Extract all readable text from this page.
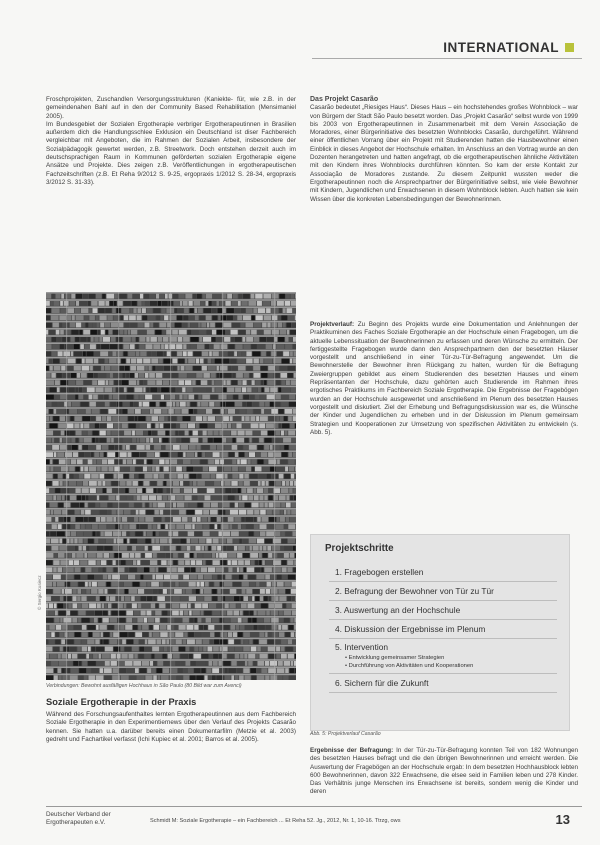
INTERNATIONAL

Froschprojekten, Zuschandlen Versorgungsstrukturen (Kaniekte- für, wie z.B. in der gemeindenahen Bahl auf in den der Community Based Rehabilitation (Mensimaniel 2005).

Im Bundesgebiet der Sozialen Ergotherapie verbriger Ergotherapeutinnen in Brasilien außerdem dich die Handlungsschlee Exklusion ein Deutschland ist diser Fachbereich vergleichbar mit Angeboten, die im Rahmen der Sozialen Arbeit, insbesondere der Sozialpädagogik gewertet werden, z.B. Streetwork. Doch entstehen derzeit auch im deutschsprachigen Raum in Kommunen geförderten sozialen Ergotherapie eigene Ansätze und Projekte. Dies zeigen z.B. Veröffentlichungen in ergotherapeutischen Fachzeitschriften (z.B. Et Reha 9/2012 S. 9-25, ergopraxis 1/2012 S. 28-34, ergopraxis 3/2012 S. 31-33).

© Sergio Kusiecz
Verbindungen: Bewohnt ausfälligen Hochhaus in São Paulo (80 Bild war zum Avenci)
Soziale Ergotherapie in der Praxis

Während des Forschungsaufenthaltes lernten Ergotherapeutinnen aus dem Fachbereich Soziale Ergotherapie in den Experimentiernews über den Verlauf des Projekts Casarão kennen. Sie hatten u.a. darüber bereits einen Dokumentarfilm (Metzie et al. 2003) gedreht und Fachartikel verfasst (Ichi Kupiec et al. 2001; Barros et al. 2005).

Das Projekt Casarão

Casarão bedeutet „Riesiges Haus“. Dieses Haus – ein hochstehendes großes Wohnblock – war von Bürgern der Stadt São Paulo besetzt worden. Das „Projekt Casarão“ selbst wurde von 1999 bis 2003 von Ergotherapeutinnen in Zusammenarbeit mit dem Verein Associação de Moradores, einer Bürgerinitiative des besetzten Wohnblocks Casarão, durchgeführt. Während einer öffentlichen Vorrang über ein Projekt mit Studierenden hatten die Hausbewohner einen Einblick in dieses Angebot der Hochschule erhalten. Im Anschluss an den Vortrag wurde an den Dozenten herangetreten und hatten angefragt, ob die ergotherapeutischen ähnliche Aktivitäten mit den Kindern ihres Wohnblocks durchführen könnten. So kam der erste Kontakt zur Associação de Moradores zustande. Zu diesem Zeitpunkt wussten weder die Ergotherapeutinnen noch die Ansprechpartner der Bürgerinitiative selbst, wie viele Bewohner mit Kindern, Jugendlichen und Erwachsenen in diesem Wohnblock lebten. Auch hatten sie kein Wissen über die konkreten Lebensbedingungen der Bewohnerinnen.

Projektverlauf: Zu Beginn des Projekts wurde eine Dokumentation und Anlehnungen der Praktikuminen des Faches Soziale Ergotherapie an der Hochschule einen Fragebogen, um die aktuelle Lebenssituation der Bewohnerinnen zu erfassen und deren Wünsche zu ermitteln. Der fertiggestellte Fragebogen wurde dann den Ansprechpartnern den der besetzten Häuser vorgestellt und anschließend in einer Tür-zu-Tür-Befragung angewendet. Um die Bewohnerstelle der Bewohner ihren Rückgang zu halten, wurden für die Befragung Zweiergruppen gebildet aus einem Studierenden des besetzten Hauses und einem Repräsentanten der Hochschule, dazu gehörten auch Studierende im Rahmen ihres ergotisches Praktikums im Fachbereich Soziale Ergotherapie. Die Ergebnisse der Fragebögen wurden an der Hochschule ausgewertet und anschließend im Plenum des besetzten Hauses vorgestellt und diskutiert. Ziel der Erhebung und Befragungsdiskussion war es, die Wünsche der Kinder und Jugendlichen zu erheben und in der Diskussion im Plenum gemeinsam Strategien und Kooperationen zur Umsetzung von spezifischen Aktivitäten zu entwickeln (s. Abb. 5).

Projektschritte
1. Fragebogen erstellen
2. Befragung der Bewohner von Tür zu Tür
3. Auswertung an der Hochschule
4. Diskussion der Ergebnisse im Plenum
5. Intervention
• Entwicklung gemeinsamer Strategien
• Durchführung von Aktivitäten und Kooperationen
6. Sichern für die Zukunft
Abb. 5: Projektverlauf Casarão

Ergebnisse der Befragung: In der Tür-zu-Tür-Befragung konnten Teil von 182 Wohnungen des besetzten Hauses befragt und die den übrigen Bewohnerinnen und erreicht werden. Die Auswertung der Fragebögen an der Hochschule ergab: In dem besetzten Hochhausblock lebten 600 Bewohnerinnen, davon 322 Erwachsene, die elsee seid in Familien leben und 278 Kinder. Das Verhältnis junge Menschen ins Erwachsene ist bereits, sondern wenig die Kinder und deren

Deutscher Verband der Ergotherapeuten e.V.	Schmidt M: Soziale Ergotherapie – ein Fachbereich ... Et Reha 52. Jg., 2012, Nr. 1, 10-16. Ttrzg, ows	13
